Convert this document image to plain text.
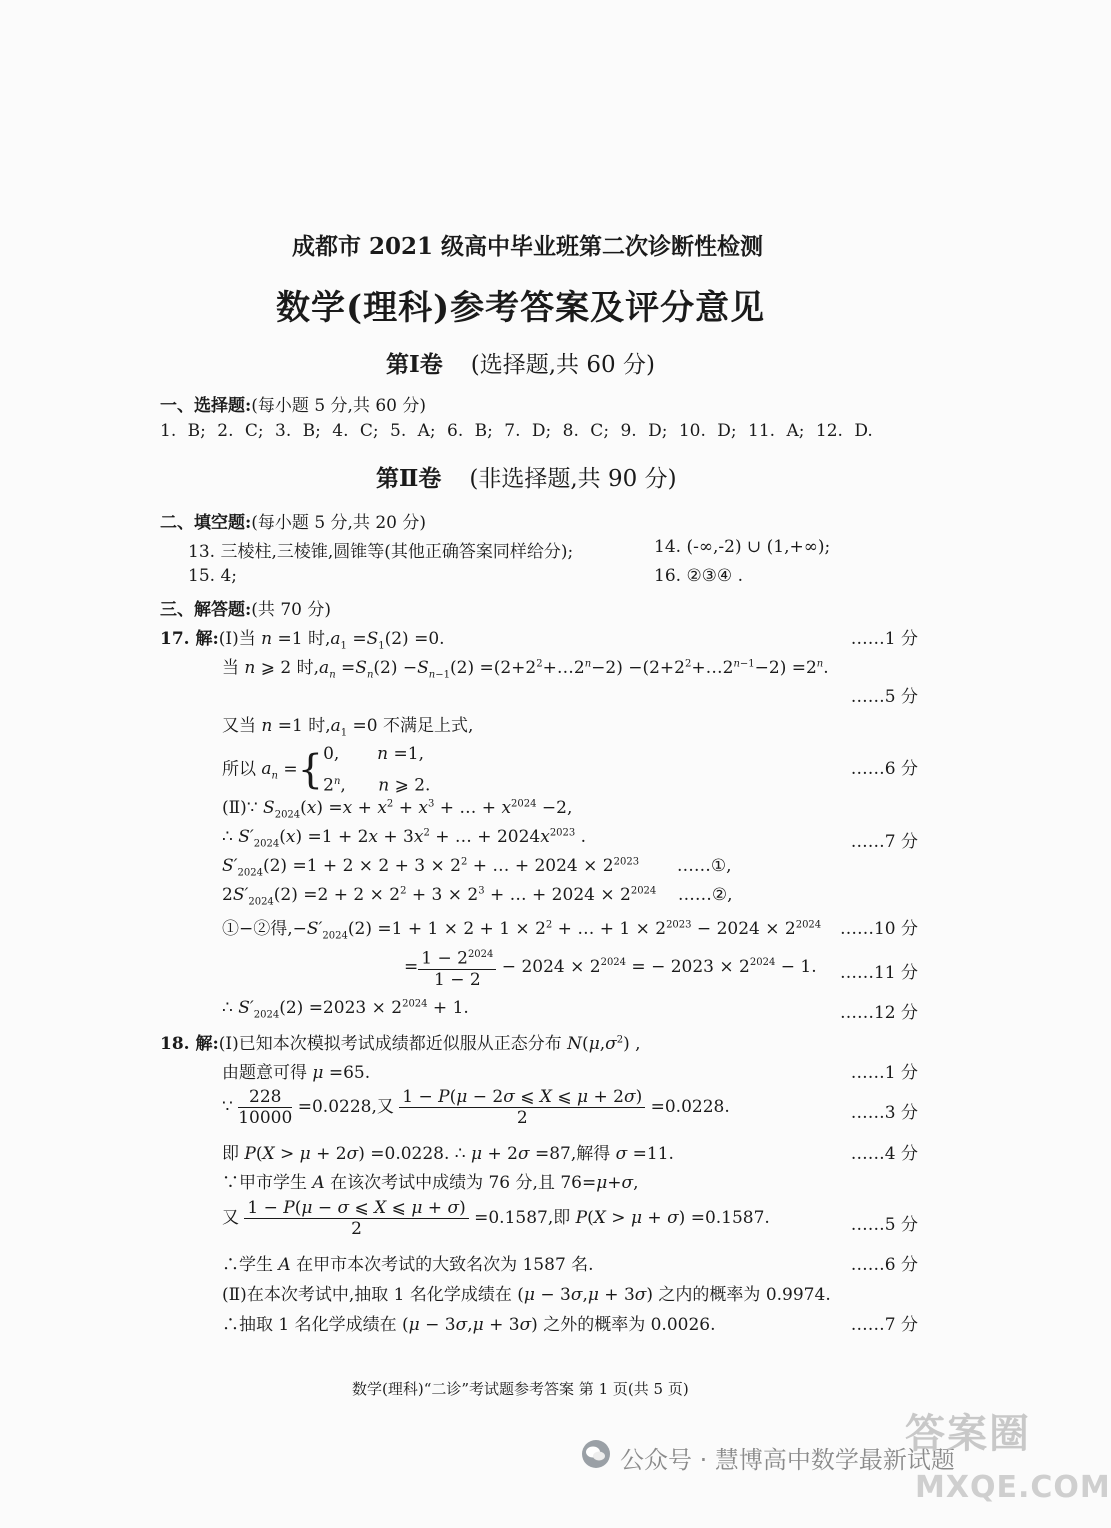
成都市 2021 级高中毕业班第二次诊断性检测
数学(理科)参考答案及评分意见
第Ⅰ卷 (选择题,共 60 分)
一、选择题:(每小题 5 分,共 60 分)
1. B; 2. C; 3. B; 4. C; 5. A; 6. B; 7. D; 8. C; 9. D; 10. D; 11. A; 12. D.
第Ⅱ卷 (非选择题,共 90 分)
二、填空题:(每小题 5 分,共 20 分)
13. 三棱柱,三棱锥,圆锥等(其他正确答案同样给分);	14. (-∞,-2) ∪ (1,+∞);
15. 4;	16. ②③④ .
三、解答题:(共 70 分)
17. 解:(Ⅰ)当 n =1 时$,a_1 =S_1(2) =0$.	……1 分
当 n ⩾ 2 时$,a_n =S_n(2) -S_{n-1}(2)$ $=(2+2^2+\dots 2^n-2)$ $-(2+2^2+\dots 2^{n-1}-2) =2^n$.
……5 分
又当 n =1 时$,a_1 =0$ 不满足上式,
所以 $a_n =\{0$,       n =1,
2$^n$,      n ⩾ 2.
……6 分
(Ⅱ)∵ $S_{2024}(x) =x + x^2 + x^3$ + … + $x^{2024} -2$,
∴ $S'_{2024}(x) =1 + 2x + 3x^2$ + … + $2024x^{2023}$ .	……7 分
$S'_{2024}(2) =1 + 2 \times 2 + 3 \times 2^2$ + … + $2024 \times 2^{2023}$       ……①,
$2S'_{2024}(2) =2 + 2 \times 2^2 + 3 \times 2^3$ + … + $2024 \times 2^{2024}$    ……②,
①−②得$,-S'_{2024}(2) =1 + 1 \times 2 + 1 \times 2^2$ + … + $1 \times 2^{2023} - 2024 \times 2^{2024}$	……10 分
= $\frac{1 - 2^{2024}}{1 - 2} - 2024 \times 2^{2024}$ = − $2023 \times 2^{2024} - 1$.	……11 分
∴ $S'_{2024}(2) =2023 \times 2^{2024} + 1$.	……12 分
18. 解:(Ⅰ)已知本次模拟考试成绩都近似服从正态分布 $N(\mu,\sigma^2)$ ,
由题意可得 μ =65.	……1 分
∵ $\frac{228}{10000} =0.0228$,又 $\frac{1 - P(\mu - 2\sigma ⩽ X ⩽ \mu + 2\sigma)}{2} =0.0228$.	……3 分
即 P(X > μ + 2σ) =0.0228. ∴ μ + 2σ =87,解得 σ =11.	……4 分
∵甲市学生 A 在该次考试中成绩为 76 分,且 76=μ+σ,
又 $\frac{1 - P(\mu - \sigma ⩽ X ⩽ \mu + \sigma)}{2} =0.1587$,即 P(X > μ + σ) =0.1587.	……5 分
∴学生 A 在甲市本次考试的大致名次为 1587 名.	……6 分
(Ⅱ)在本次考试中,抽取 1 名化学成绩在 (μ − 3σ,μ + 3σ) 之内的概率为 0.9974.
∴抽取 1 名化学成绩在 (μ − 3σ,μ + 3σ) 之外的概率为 0.0026.	……7 分
数学(理科)“二诊”考试题参考答案 第 1 页(共 5 页)
公众号 · 慧博高中数学最新试题
答案圈
MXQE.COM
